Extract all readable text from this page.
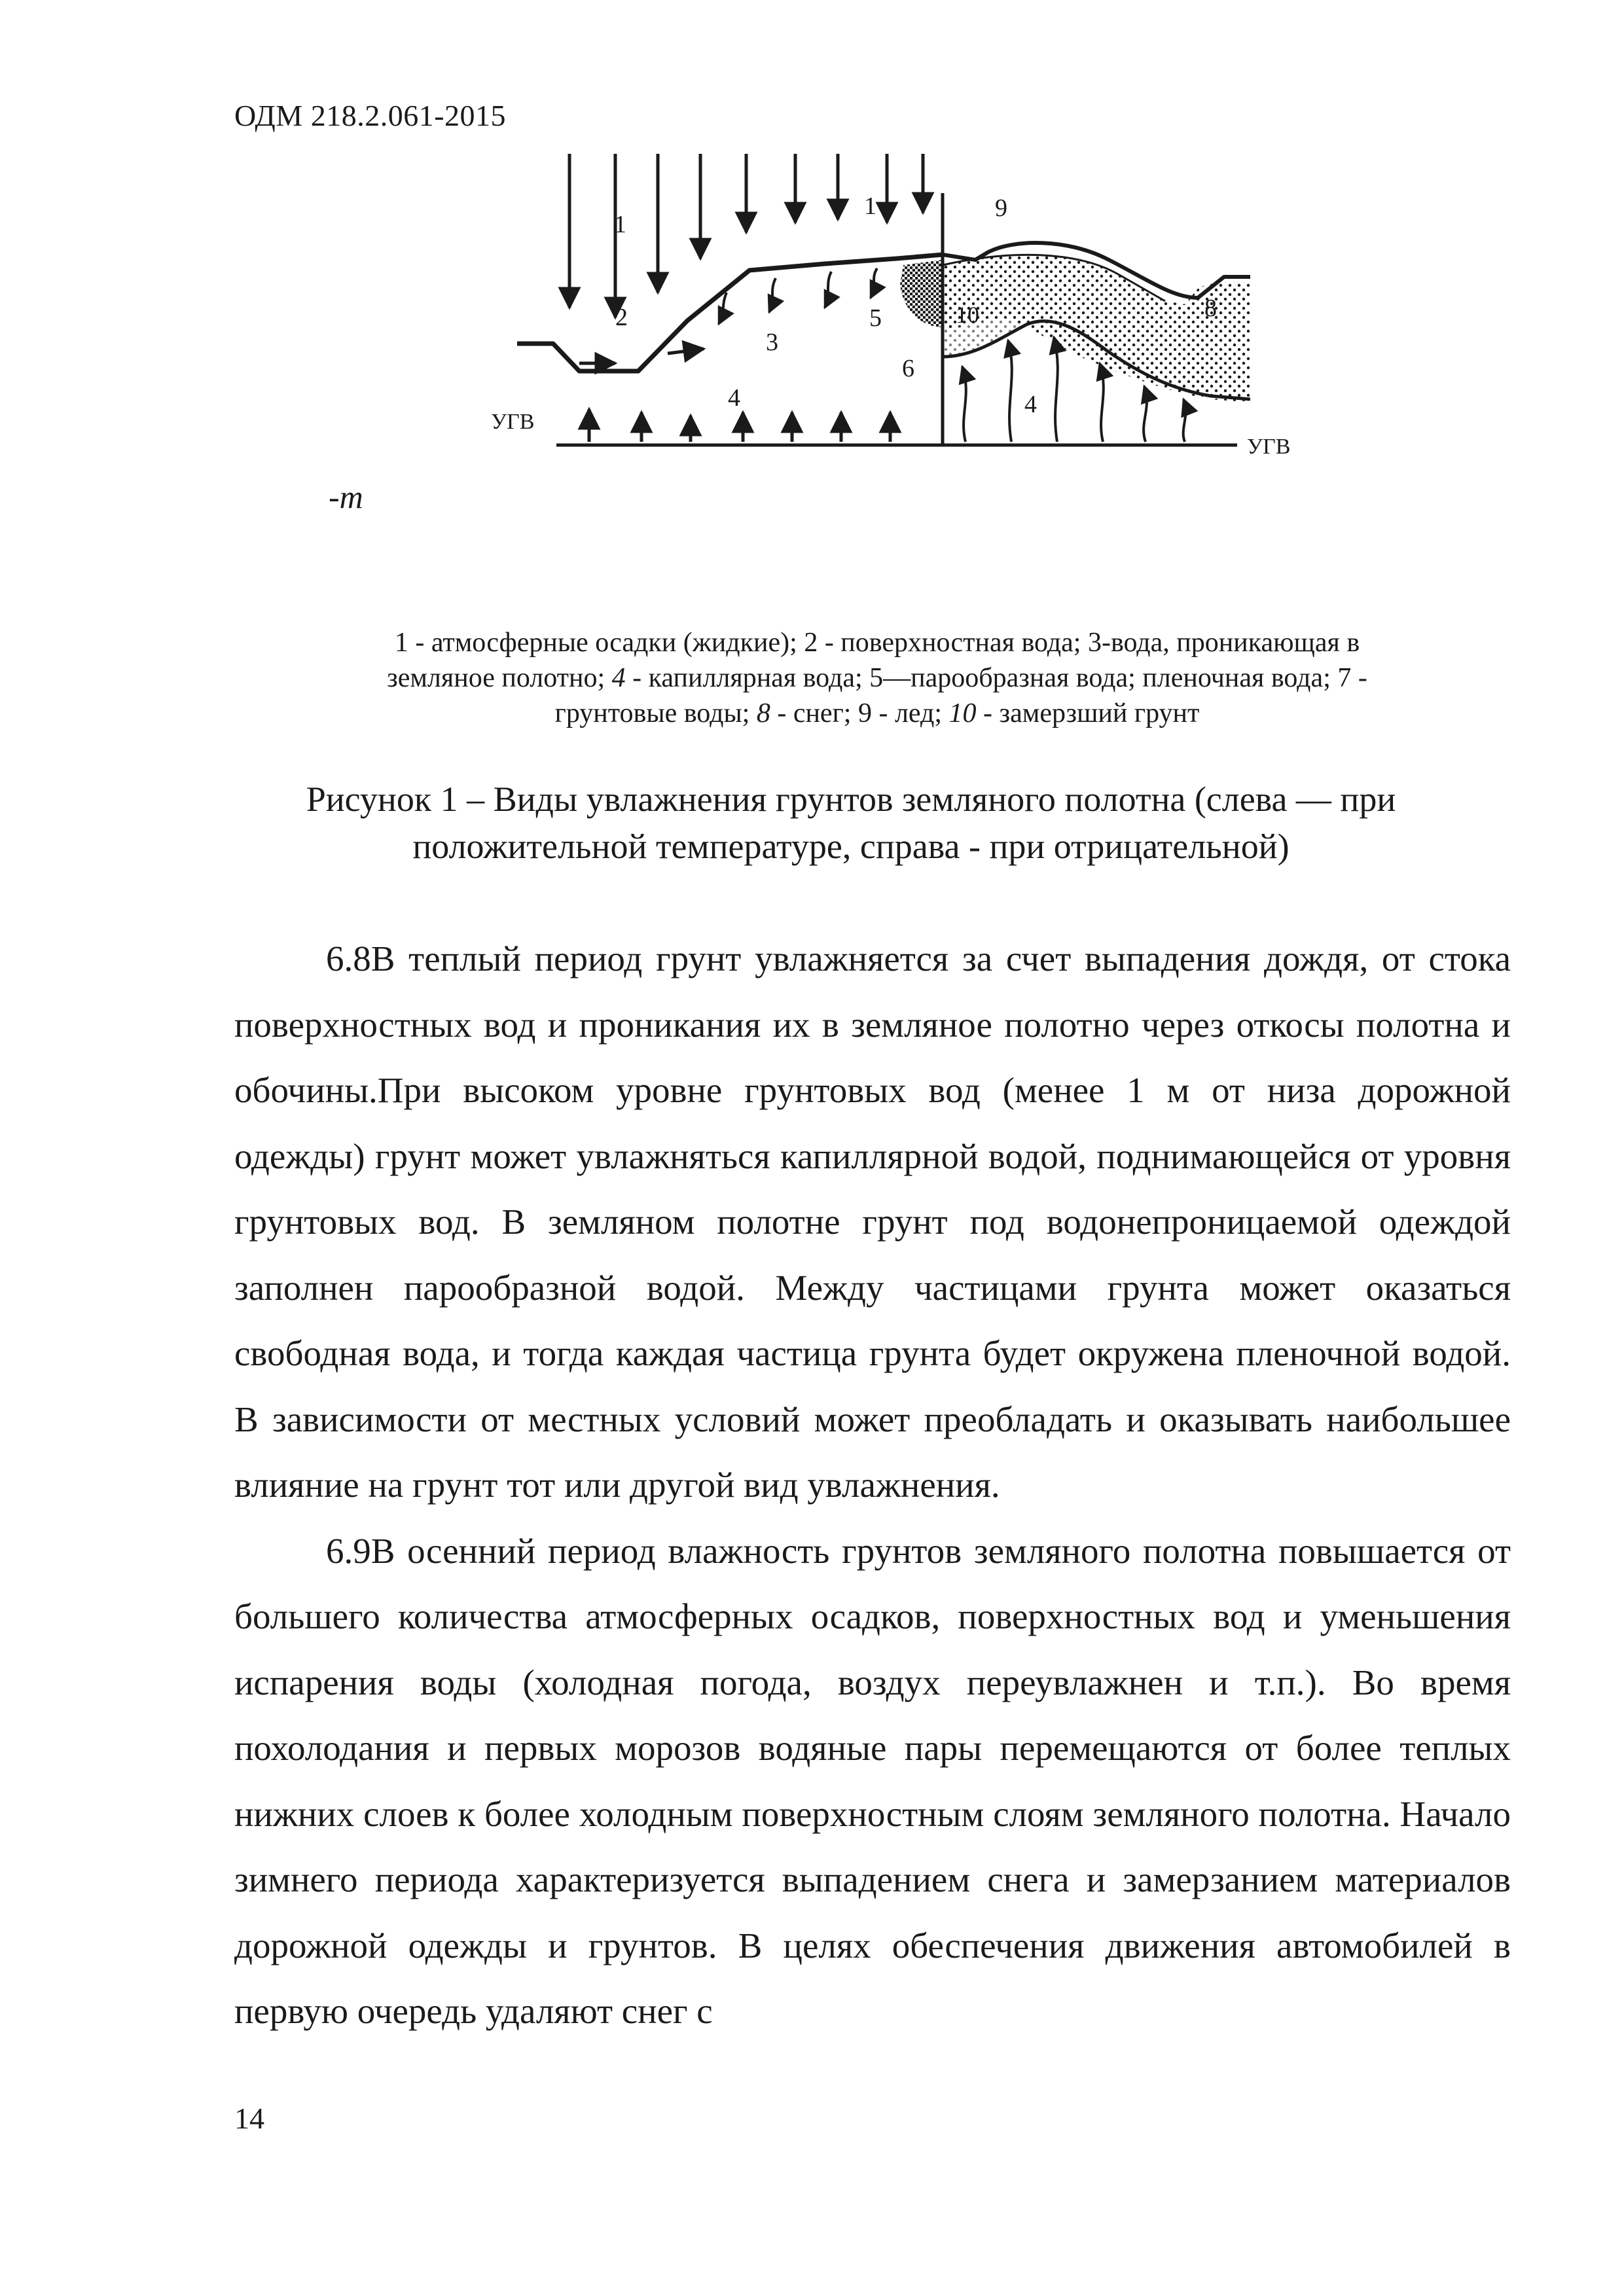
ОДМ 218.2.061-2015
1
1
2
3
4	4
5
6
8
9
10
УГВ
УГВ
-m
1 - атмосферные осадки (жидкие); 2 - поверхностная вода; 3-вода, проникающая в
земляное полотно; 4 - капиллярная вода; 5—парообразная вода; пленочная вода; 7 -
грунтовые воды; 8 - снег; 9 - лед; 10 - замерзший грунт
Рисунок 1 – Виды увлажнения грунтов земляного полотна (слева — при
положительной температуре, справа - при отрицательной)

6.8В теплый период грунт увлажняется за счет выпадения дождя, от стока поверхностных вод и проникания их в земляное полотно через откосы полотна и обочины.При высоком уровне грунтовых вод (менее 1 м от низа дорожной одежды) грунт может увлажняться капиллярной водой, поднимающейся от уровня грунтовых вод. В земляном полотне грунт под водонепроницаемой одеждой заполнен парообразной водой. Между частицами грунта может оказаться свободная вода, и тогда каждая частица грунта будет окружена пленочной водой. В зависимости от местных условий может преобладать и оказывать наибольшее влияние на грунт тот или другой вид увлажнения.

6.9В осенний период влажность грунтов земляного полотна повышается от большего количества атмосферных осадков, поверхностных вод и уменьшения испарения воды (холодная погода, воздух переувлажнен и т.п.). Во время похолодания и первых морозов водяные пары перемещаются от более теплых нижних слоев к более холодным поверхностным слоям земляного полотна. Начало зимнего периода характеризуется выпадением снега и замерзанием материалов дорожной одежды и грунтов. В целях обеспечения движения автомобилей в первую очередь удаляют снег с

14
